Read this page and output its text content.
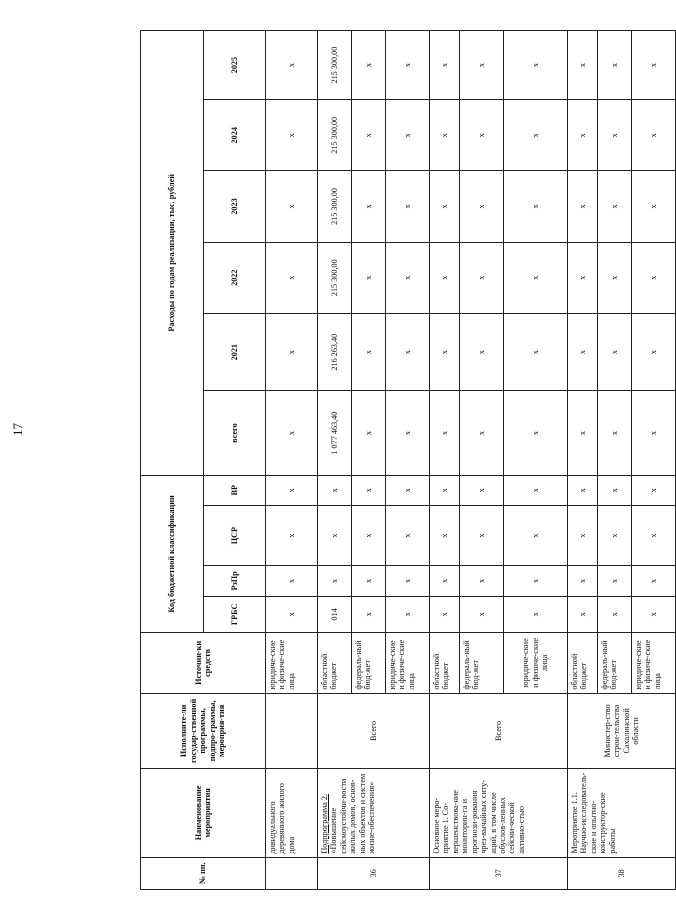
17
№ пп.	Наименование мероприятия	Исполните-ли государ-ственной программы, подпро-граммы, мероприя-тия	Источни-ки средств	Код бюджетной классификации				Расходы по годам реализации, тыс. рублей					
				ГРБС	РзПр	ЦСР	ВР	всего	2021	2022	2023	2024	2025
	дивидуального деревянного жилого дома		юридиче-ские и физиче-ские лица	х	х	х	х	х	х	х	х	х	х
36	Подпрограмма 2. «Повышение сейсмоустойчи-вости жилых домов, основ-ных объектов и систем жизне-обеспечения»	Всего	областной бюджет	014	х	х	х	1 077 463,40	216 263,40	215 300,00	215 300,00	215 300,00	215 300,00
			федераль-ный бюд-жет	х	х	х	х	х	х	х	х	х	х
			юридиче-ские и физиче-ские лица	х	х	х	х	х	х	х	х	х	х
37	Основное меро-приятие 1. Со-вершенствова-ние мониторин-га и прогнози-рования чрез-вычайных ситу-аций, в том числе обуслов-ленных сейсми-ческой активно-стью	Всего	областной бюджет	х	х	х	х	х	х	х	х	х	х
			федераль-ный бюд-жет	х	х	х	х	х	х	х	х	х	х
			юридиче-ские и физиче-ские лица	х	х	х	х	х	х	х	х	х	х
38	Мероприятие 1.1. Научно-исследователь-ские и опытно-конструктор-ские работы	Министер-ство строи-тельства Сахалинской области	областной бюджет	х	х	х	х	х	х	х	х	х	х
			федераль-ный бюд-жет	х	х	х	х	х	х	х	х	х	х
			юридиче-ские и физиче-ские лица	х	х	х	х	х	х	х	х	х	х
